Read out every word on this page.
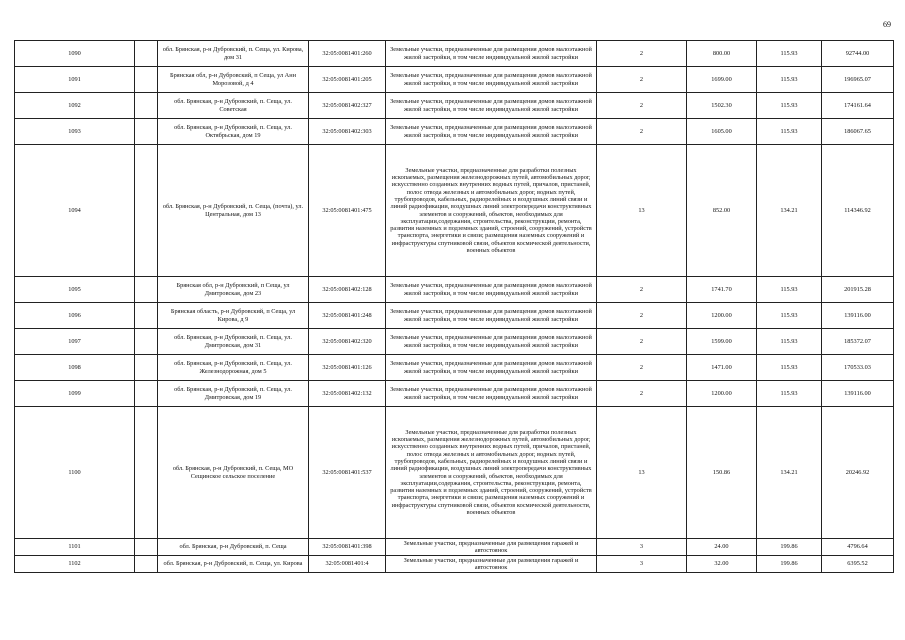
69
1090		обл. Брянская, р-н Дубровский, п. Сеща, ул. Кирова, дом 31	32:05:0081401:260	Земельные участки, предназначенные для размещения домов малоэтажной жилой застройки, в том числе индивидуальной жилой застройки	2	800.00	115.93	92744.00
1091		Брянская обл, р-н Дубровский, п Сеща, ул Анн Морозовой, д 4	32:05:0081401:205	Земельные участки, предназначенные для размещения домов малоэтажной жилой застройки, в том числе индивидуальной жилой застройки	2	1699.00	115.93	196965.07
1092		обл. Брянская, р-н Дубровский, п. Сеща, ул. Советская	32:05:0081402:327	Земельные участки, предназначенные для размещения домов малоэтажной жилой застройки, в том числе индивидуальной жилой застройки	2	1502.30	115.93	174161.64
1093		обл. Брянская, р-н Дубровский, п. Сеща, ул. Октябрьская, дом 19	32:05:0081402:303	Земельные участки, предназначенные для размещения домов малоэтажной жилой застройки, в том числе индивидуальной жилой застройки	2	1605.00	115.93	186067.65
1094		обл. Брянская, р-н Дубровский, п. Сеща, (почта), ул. Центральная, дом 13	32:05:0081401:475	Земельные участки, предназначенные для разработки полезных ископаемых, размещения железнодорожных путей, автомобильных дорог, искусственно созданных внутренних водных путей, причалов, пристаней, полос отвода железных и автомобильных дорог, водных путей, трубопроводов, кабельных, радиорелейных и воздушных линий связи и линий радиофикации, воздушных линий электропередачи конструктивных элементов и сооружений, объектов, необходимых для эксплуатации,содержания, строительства, реконструкции, ремонта, развития наземных и подземных зданий, строений, сооружений, устройств транспорта, энергетики и связи; размещения наземных сооружений и инфраструктуры спутниковой связи, объектов космической деятельности, военных объектов	13	852.00	134.21	114346.92
1095		Брянская обл, р-н Дубровский, п Сеща, ул Дмитровская, дом 23	32:05:0081402:128	Земельные участки, предназначенные для размещения домов малоэтажной жилой застройки, в том числе индивидуальной жилой застройки	2	1741.70	115.93	201915.28
1096		Брянская область, р-н Дубровский, п Сеща, ул Кирова, д 9	32:05:0081401:248	Земельные участки, предназначенные для размещения домов малоэтажной жилой застройки, в том числе индивидуальной жилой застройки	2	1200.00	115.93	139116.00
1097		обл. Брянская, р-н Дубровский, п. Сеща, ул. Дмитровская, дом 31	32:05:0081402:320	Земельные участки, предназначенные для размещения домов малоэтажной жилой застройки, в том числе индивидуальной жилой застройки	2	1599.00	115.93	185372.07
1098		обл. Брянская, р-н Дубровский, п. Сеща, ул. Железнодорожная, дом 5	32:05:0081401:126	Земельные участки, предназначенные для размещения домов малоэтажной жилой застройки, в том числе индивидуальной жилой застройки	2	1471.00	115.93	170533.03
1099		обл. Брянская, р-н Дубровский, п. Сеща, ул. Дмитровская, дом 19	32:05:0081402:132	Земельные участки, предназначенные для размещения домов малоэтажной жилой застройки, в том числе индивидуальной жилой застройки	2	1200.00	115.93	139116.00
1100		обл. Брянская, р-н Дубровский, п. Сеща, МО Сещинское сельское поселение	32:05:0081401:537	Земельные участки, предназначенные для разработки полезных ископаемых, размещения железнодорожных путей, автомобильных дорог, искусственно созданных внутренних водных путей, причалов, пристаней, полос отвода железных и автомобильных дорог, водных путей, трубопроводов, кабельных, радиорелейных и воздушных линий связи и линий радиофикации, воздушных линий электропередачи конструктивных элементов и сооружений, объектов, необходимых для эксплуатации,содержания, строительства, реконструкции, ремонта, развития наземных и подземных зданий, строений, сооружений, устройств транспорта, энергетики и связи; размещения наземных сооружений и инфраструктуры спутниковой связи, объектов космической деятельности, военных объектов	13	150.86	134.21	20246.92
1101		обл. Брянская, р-н Дубровский, п. Сеща	32:05:0081401:398	Земельные участки, предназначенные для размещения гаражей и автостоянок	3	24.00	199.86	4796.64
1102		обл. Брянская, р-н Дубровский, п. Сеща, ул. Кирова	32:05:0081401:4	Земельные участки, предназначенные для размещения гаражей и автостоянок	3	32.00	199.86	6395.52
